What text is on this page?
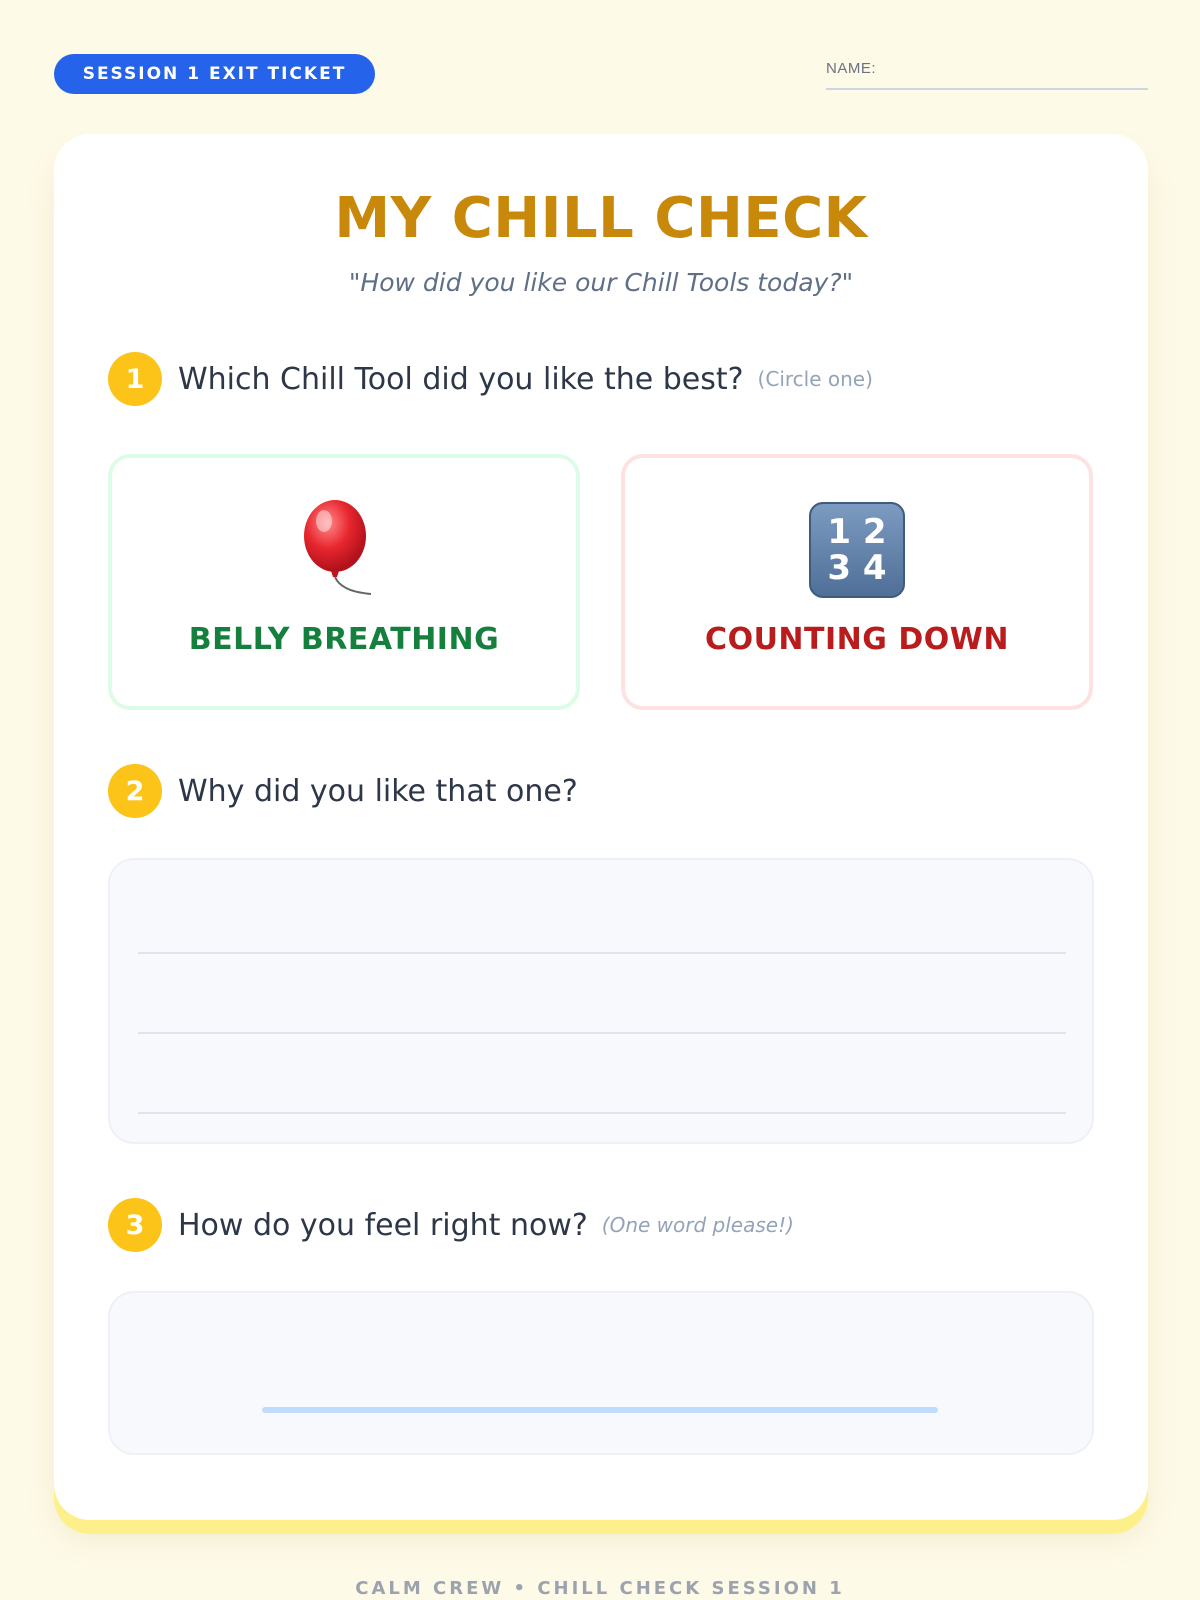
SESSION 1 EXIT TICKET	NAME:
MY CHILL CHECK
"How did you like our Chill Tools today?"
1	Which Chill Tool did you like the best? (Circle one)
BELLY BREATHING
1 2
3 4
COUNTING DOWN
2	Why did you like that one?
3	How do you feel right now? (One word please!)
CALM CREW • CHILL CHECK SESSION 1
